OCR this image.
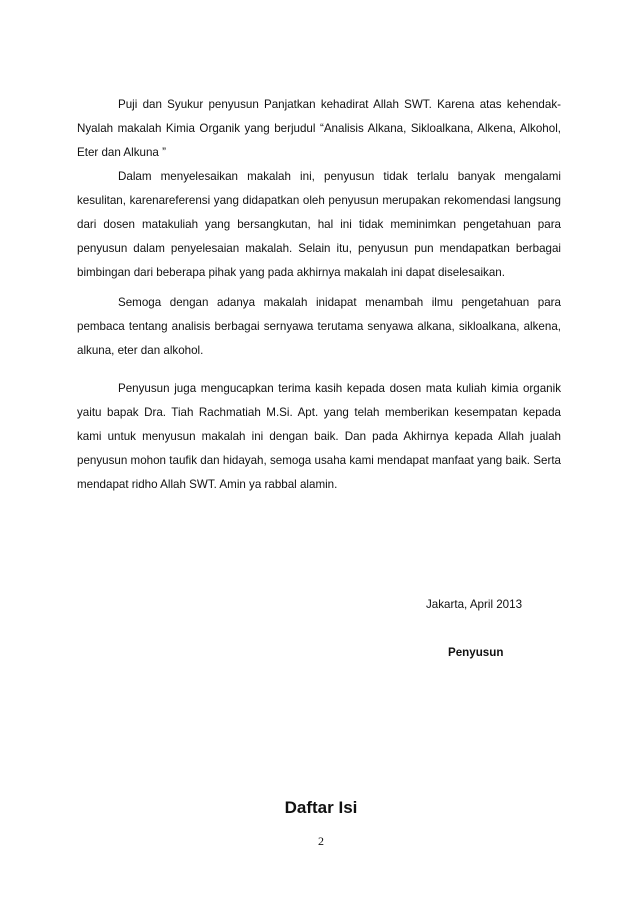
Puji dan Syukur penyusun Panjatkan kehadirat Allah SWT. Karena atas kehendak-Nyalah makalah Kimia Organik yang berjudul “Analisis Alkana, Sikloalkana, Alkena, Alkohol, Eter dan Alkuna ”

Dalam menyelesaikan makalah ini, penyusun tidak terlalu banyak mengalami kesulitan, karenareferensi yang didapatkan oleh penyusun merupakan rekomendasi langsung dari dosen matakuliah yang bersangkutan, hal ini tidak meminimkan pengetahuan para penyusun dalam penyelesaian makalah. Selain itu, penyusun pun mendapatkan berbagai bimbingan dari beberapa pihak yang pada akhirnya makalah ini dapat diselesaikan.

Semoga dengan adanya makalah inidapat menambah ilmu pengetahuan para pembaca tentang analisis berbagai sernyawa terutama senyawa alkana, sikloalkana, alkena, alkuna, eter dan alkohol.

Penyusun juga mengucapkan terima kasih kepada dosen mata kuliah kimia organik yaitu bapak Dra. Tiah Rachmatiah M.Si. Apt. yang telah memberikan kesempatan kepada kami untuk menyusun makalah ini dengan baik. Dan pada Akhirnya kepada Allah jualah penyusun mohon taufik dan hidayah, semoga usaha kami mendapat manfaat yang baik. Serta mendapat ridho Allah SWT. Amin ya rabbal alamin.

Jakarta, April 2013

Penyusun

Daftar Isi

2
